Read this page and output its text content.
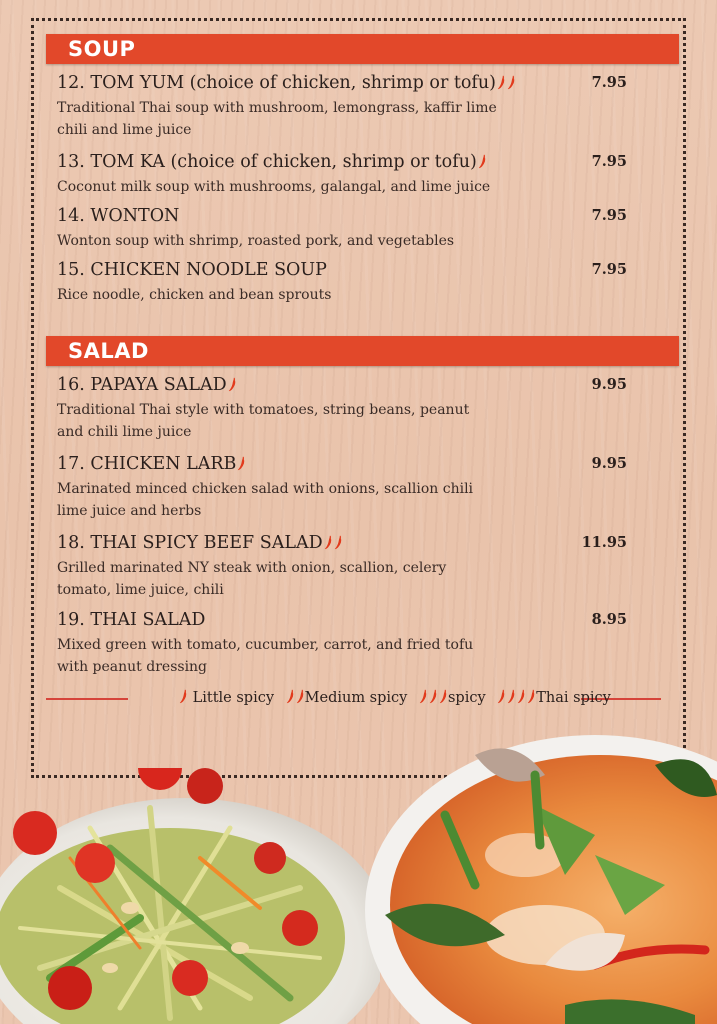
SOUP
12. TOM YUM (choice of chicken, shrimp or tofu)	7.95
Traditional Thai soup with mushroom, lemongrass, kaffir lime chili and lime juice
13. TOM KA (choice of chicken, shrimp or tofu)	7.95
Coconut milk soup with mushrooms, galangal, and lime juice
14. WONTON	7.95
Wonton soup with shrimp, roasted pork, and vegetables
15. CHICKEN NOODLE SOUP	7.95
Rice noodle, chicken and bean sprouts
SALAD
16. PAPAYA SALAD	9.95
Traditional Thai style with tomatoes, string beans, peanut and chili lime juice
17. CHICKEN LARB	9.95
Marinated minced chicken salad with onions, scallion chili lime juice and herbs
18. THAI SPICY BEEF SALAD	11.95
Grilled marinated NY steak with onion, scallion, celery tomato, lime juice, chili
19. THAI SALAD	8.95
Mixed green with tomato, cucumber, carrot, and fried tofu with peanut dressing
Little spicy Medium spicy	spicy	Thai spicy
